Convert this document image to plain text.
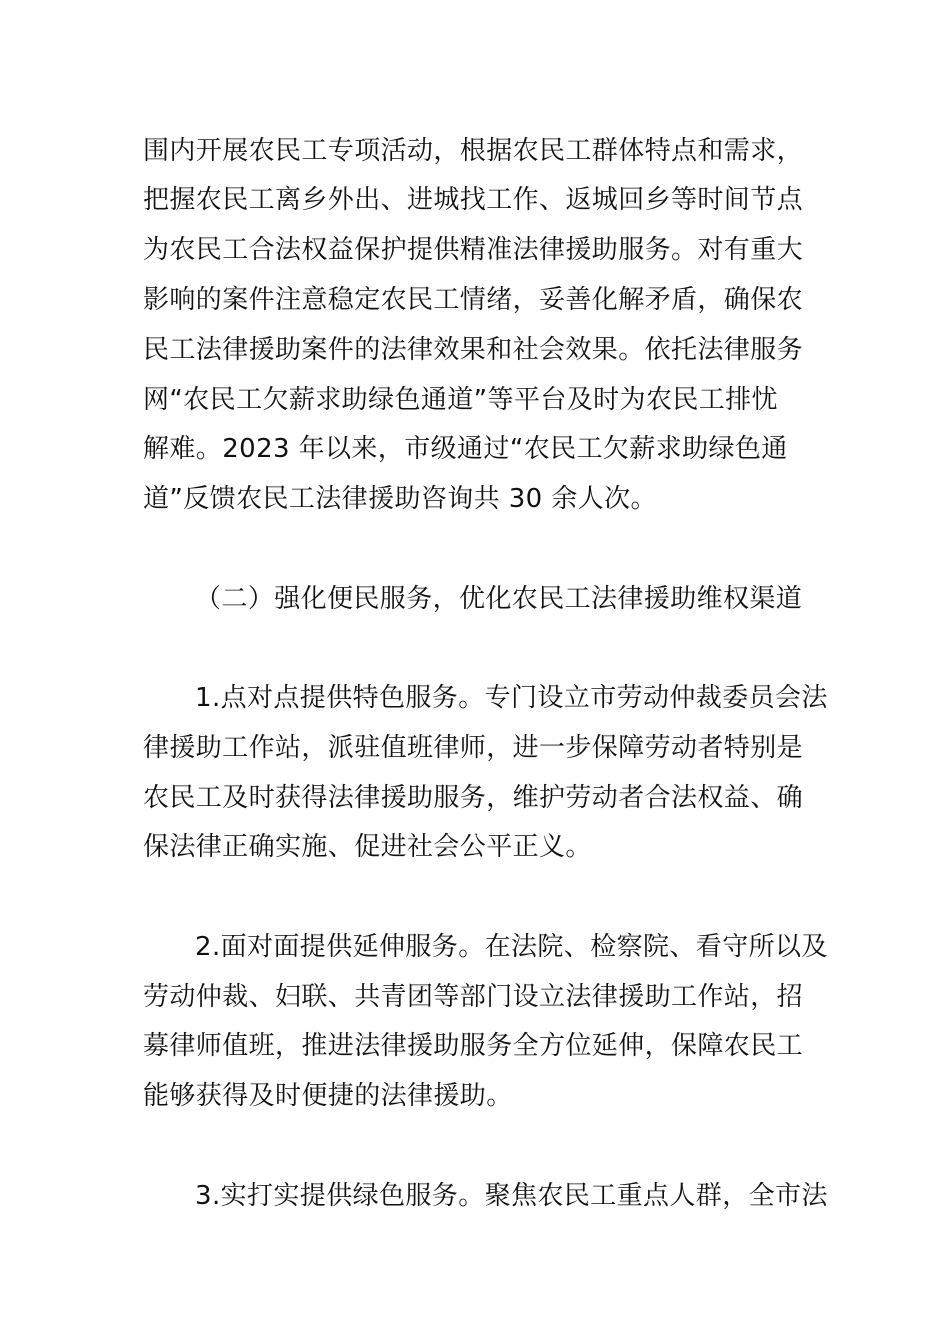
围内开展农民工专项活动，根据农民工群体特点和需求，
把握农民工离乡外出、进城找工作、返城回乡等时间节点
为农民工合法权益保护提供精准法律援助服务。对有重大
影响的案件注意稳定农民工情绪，妥善化解矛盾，确保农
民工法律援助案件的法律效果和社会效果。依托法律服务
网“农民工欠薪求助绿色通道”等平台及时为农民工排忧
解难。2023 年以来，市级通过“农民工欠薪求助绿色通
道”反馈农民工法律援助咨询共 30 余人次。
（二）强化便民服务，优化农民工法律援助维权渠道
1.点对点提供特色服务。专门设立市劳动仲裁委员会法
律援助工作站，派驻值班律师，进一步保障劳动者特别是
农民工及时获得法律援助服务，维护劳动者合法权益、确
保法律正确实施、促进社会公平正义。
2.面对面提供延伸服务。在法院、检察院、看守所以及
劳动仲裁、妇联、共青团等部门设立法律援助工作站，招
募律师值班，推进法律援助服务全方位延伸，保障农民工
能够获得及时便捷的法律援助。
3.实打实提供绿色服务。聚焦农民工重点人群，全市法
